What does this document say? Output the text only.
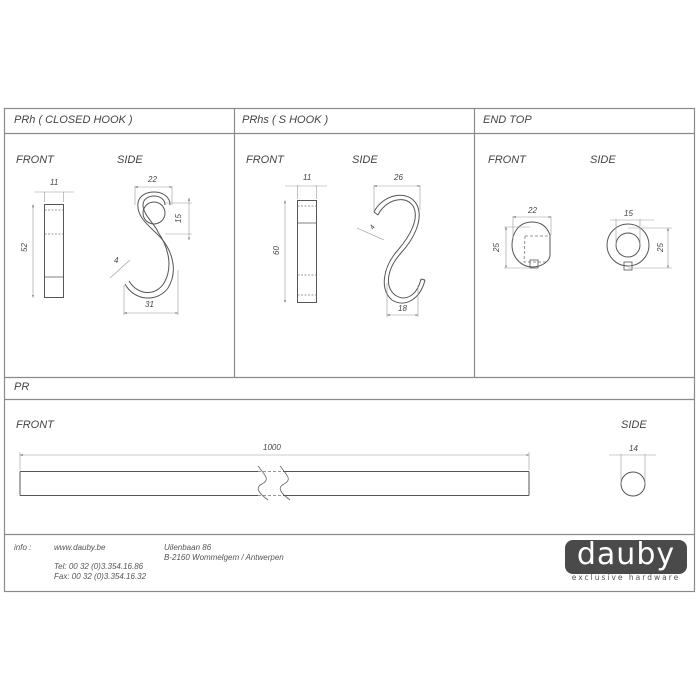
PRh ( CLOSED HOOK )	PRhs ( S HOOK )	END TOP
PR
FRONT	SIDE	FRONT	SIDE	FRONT	SIDE
FRONT	SIDE
11
52
22
15
4
31
11
60
26
4
18
22
25
15
25
1000	14
info :	www.dauby.be
Tel: 00 32 (0)3.354.16.86
Fax: 00 32 (0)3.354.16.32
Uilenbaan 86
B-2160 Wommelgem / Antwerpen	dauby
exclusive hardware
